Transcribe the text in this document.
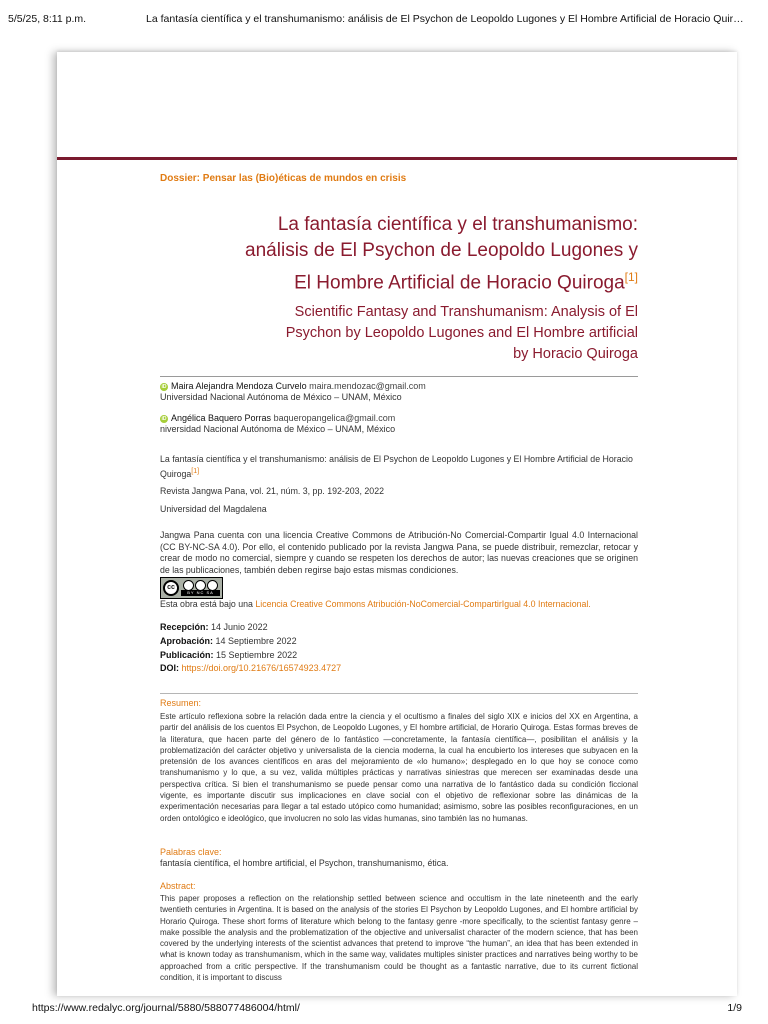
5/5/25, 8:11 p.m.	La fantasía científica y el transhumanismo: análisis de El Psychon de Leopoldo Lugones y El Hombre Artificial de Horacio Quir…
Dossier: Pensar las (Bio)éticas de mundos en crisis
La fantasía científica y el transhumanismo:
análisis de El Psychon de Leopoldo Lugones y
El Hombre Artificial de Horacio Quiroga[1]
Scientific Fantasy and Transhumanism: Analysis of El
Psychon by Leopoldo Lugones and El Hombre artificial
by Horacio Quiroga
iD Maira Alejandra Mendoza Curvelo maira.mendozac@gmail.com
Universidad Nacional Autónoma de México – UNAM, México
iD Angélica Baquero Porras baqueropangelica@gmail.com
niversidad Nacional Autónoma de México – UNAM, México
La fantasía científica y el transhumanismo: análisis de El Psychon de Leopoldo Lugones y El Hombre Artificial de Horacio Quiroga[1]
Revista Jangwa Pana, vol. 21, núm. 3, pp. 192-203, 2022
Universidad del Magdalena
Jangwa Pana cuenta con una licencia Creative Commons de Atribución-No Comercial-Compartir Igual 4.0 Internacional (CC BY-NC-SA 4.0). Por ello, el contenido publicado por la revista Jangwa Pana, se puede distribuir, remezclar, retocar y crear de modo no comercial, siempre y cuando se respeten los derechos de autor; las nuevas creaciones que se originen de las publicaciones, también deben regirse bajo estas mismas condiciones.
cc
BY NC SA
Esta obra está bajo una Licencia Creative Commons Atribución-NoComercial-CompartirIgual 4.0 Internacional.
Recepción: 14 Junio 2022
Aprobación: 14 Septiembre 2022
Publicación: 15 Septiembre 2022
DOI: https://doi.org/10.21676/16574923.4727
Resumen:
Este artículo reflexiona sobre la relación dada entre la ciencia y el ocultismo a finales del siglo XIX e inicios del XX en Argentina, a partir del análisis de los cuentos El Psychon, de Leopoldo Lugones, y El hombre artificial, de Horario Quiroga. Estas formas breves de la literatura, que hacen parte del género de lo fantástico —concretamente, la fantasía científica—, posibilitan el análisis y la problematización del carácter objetivo y universalista de la ciencia moderna, la cual ha encubierto los intereses que subyacen en la pretensión de los avances científicos en aras del mejoramiento de «lo humano»; desplegado en lo que hoy se conoce como transhumanismo y lo que, a su vez, valida múltiples prácticas y narrativas siniestras que merecen ser examinadas desde una perspectiva crítica. Si bien el transhumanismo se puede pensar como una narrativa de lo fantástico dada su condición ficcional vigente, es importante discutir sus implicaciones en clave social con el objetivo de reflexionar sobre las dinámicas de la experimentación necesarias para llegar a tal estado utópico como humanidad; asimismo, sobre las posibles reconfiguraciones, en un orden ontológico e ideológico, que involucren no solo las vidas humanas, sino también las no humanas.
Palabras clave:
fantasía científica, el hombre artificial, el Psychon, transhumanismo, ética.
Abstract:
This paper proposes a reflection on the relationship settled between science and occultism in the late nineteenth and the early twentieth centuries in Argentina. It is based on the analysis of the stories El Psychon by Leopoldo Lugones, and El hombre artificial by Horario Quiroga. These short forms of literature which belong to the fantasy genre -more specifically, to the scientist fantasy genre – make possible the analysis and the problematization of the objective and universalist character of the modern science, that has been covered by the underlying interests of the scientist advances that pretend to improve “the human”, an idea that has been extended in what is known today as transhumanism, which in the same way, validates multiples sinister practices and narratives being worthy to be approached from a critic perspective. If the transhumanism could be thought as a fantastic narrative, due to its current fictional condition, it is important to discuss
https://www.redalyc.org/journal/5880/588077486004/html/	1/9
